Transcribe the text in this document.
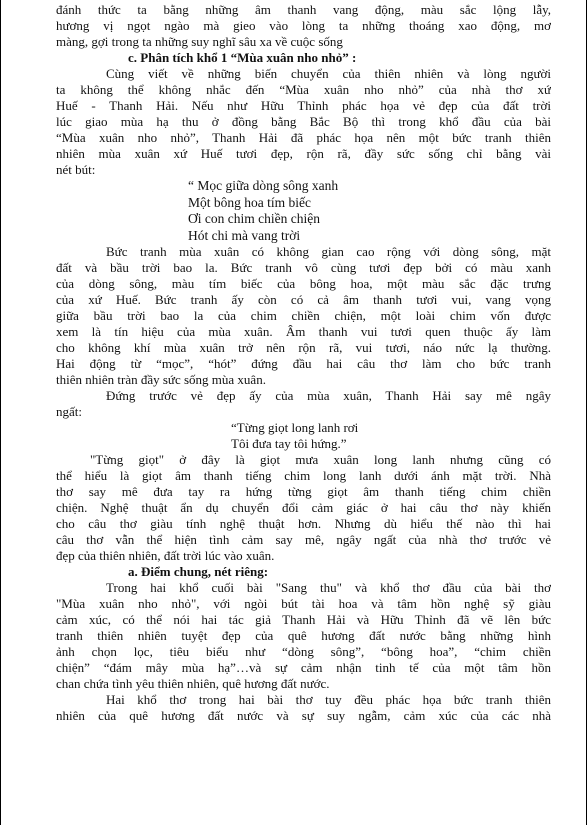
đánh thức ta bằng những âm thanh vang động, màu sắc lộng lẫy,
hương vị ngọt ngào mà gieo vào lòng ta những thoáng xao động, mơ
màng, gợi trong ta những suy nghĩ sâu xa về cuộc sống
c. Phân tích khổ 1 “Mùa xuân nho nhỏ” :
Cùng viết về những biến chuyển của thiên nhiên và lòng người
ta không thể không nhắc đến “Mùa xuân nho nhỏ” của nhà thơ xứ
Huế - Thanh Hải. Nếu như Hữu Thỉnh phác họa vẻ đẹp của đất trời
lúc giao mùa hạ thu ở đồng bằng Bắc Bộ thì trong khổ đầu của bài
“Mùa xuân nho nhỏ”, Thanh Hải đã phác họa nên một bức tranh thiên
nhiên mùa xuân xứ Huế tươi đẹp, rộn rã, đầy sức sống chỉ bằng vài
nét bút:
“ Mọc giữa dòng sông xanh
Một bông hoa tím biếc
Ơi con chim chiền chiện
Hót chi mà vang trời
Bức tranh mùa xuân có không gian cao rộng với dòng sông, mặt
đất và bầu trời bao la. Bức tranh vô cùng tươi đẹp bởi có màu xanh
của dòng sông, màu tím biếc của bông hoa, một màu sắc đặc trưng
của xứ Huế. Bức tranh ấy còn có cả âm thanh tươi vui, vang vọng
giữa bầu trời bao la của chim chiền chiện, một loài chim vốn được
xem là tín hiệu của mùa xuân. Âm thanh vui tươi quen thuộc ấy làm
cho không khí mùa xuân trở nên rộn rã, vui tươi, náo nức lạ thường.
Hai động từ “mọc”, “hót” đứng đầu hai câu thơ làm cho bức tranh
thiên nhiên tràn đầy sức sống mùa xuân.
Đứng trước vẻ đẹp ấy của mùa xuân, Thanh Hải say mê ngây
ngất:
“Từng giọt long lanh rơi
Tôi đưa tay tôi hứng.”
"Từng giọt" ở đây là giọt mưa xuân long lanh nhưng cũng có
thể hiểu là giọt âm thanh tiếng chim long lanh dưới ánh mặt trời. Nhà
thơ say mê đưa tay ra hứng từng giọt âm thanh tiếng chim chiền
chiện. Nghệ thuật ẩn dụ chuyển đổi cảm giác ở hai câu thơ này khiến
cho câu thơ giàu tính nghệ thuật hơn. Nhưng dù hiểu thế nào thì hai
câu thơ vẫn thể hiện tình cảm say mê, ngây ngất của nhà thơ trước vẻ
đẹp của thiên nhiên, đất trời lúc vào xuân.
a. Điểm chung, nét riêng:
Trong hai khổ cuối bài "Sang thu" và khổ thơ đầu của bài thơ
"Mùa xuân nho nhỏ", với ngòi bút tài hoa và tâm hồn nghệ sỹ giàu
cảm xúc, có thể nói hai tác giả Thanh Hải và Hữu Thỉnh đã vẽ lên bức
tranh thiên nhiên tuyệt đẹp của quê hương đất nước bằng những hình
ảnh chọn lọc, tiêu biểu như “dòng sông”, “bông hoa”, “chim chiền
chiện” “đám mây mùa hạ”…và sự cảm nhận tinh tế của một tâm hồn
chan chứa tình yêu thiên nhiên, quê hương đất nước.
Hai khổ thơ trong hai bài thơ tuy đều phác họa bức tranh thiên
nhiên của quê hương đất nước và sự suy ngẫm, cảm xúc của các nhà
